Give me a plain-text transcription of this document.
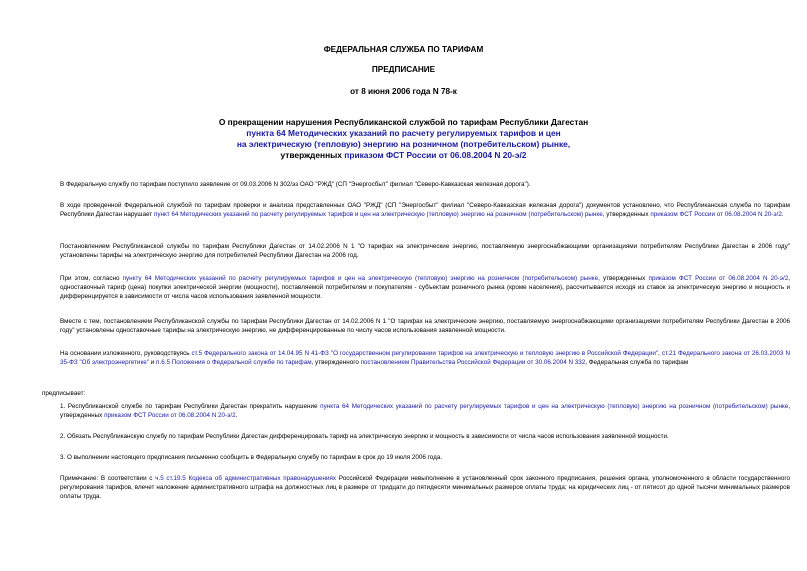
ФЕДЕРАЛЬНАЯ СЛУЖБА ПО ТАРИФАМ
ПРЕДПИСАНИЕ
от 8 июня 2006 года N 78-к
О прекращении нарушения Республиканской службой по тарифам Республики Дагестан
пункта 64 Методических указаний по расчету регулируемых тарифов и цен
на электрическую (тепловую) энергию на розничном (потребительском) рынке,
утвержденных приказом ФСТ России от 06.08.2004 N 20-э/2
В Федеральную службу по тарифам поступило заявление от 09.03.2006 N 302/эз ОАО "РЖД" (СП "Энергосбыт" филиал "Северо-Кавказская железная дорога").
В ходе проведенной Федеральной службой по тарифам проверки и анализа представленных ОАО "РЖД" (СП "Энергосбыт" филиал "Северо-Кавказская железная дорога") документов установлено, что Республиканская служба по тарифам Республики Дагестан нарушает пункт 64 Методических указаний по расчету регулируемых тарифов и цен на электрическую (тепловую) энергию на розничном (потребительском) рынке, утвержденных приказом ФСТ России от 06.08.2004 N 20-э/2.
Постановлением Республиканской службы по тарифам Республики Дагестан от 14.02.2006 N 1 "О тарифах на электрические энергию, поставляемую энергоснабжающими организациями потребителям Республики Дагестан в 2006 году" установлены тарифы на электрическую энергию для потребителей Республики Дагестан на 2006 год.
При этом, согласно пункту 64 Методических указаний по расчету регулируемых тарифов и цен на электрическую (тепловую) энергию на розничном (потребительском) рынке, утвержденных приказом ФСТ России от 06.08.2004 N 20-э/2, одноставочный тариф (цена) покупки электрической энергии (мощности), поставляемой потребителям и покупателям - субъектам розничного рынка (кроме населения), рассчитывается исходя из ставок за электрическую энергию и мощность и дифференцируется в зависимости от числа часов использования заявленной мощности.
Вместе с тем, постановлением Республиканской службы по тарифам Республики Дагестан от 14.02.2006 N 1 "О тарифах на электрические энергию, поставляемую энергоснабжающими организациями потребителям Республики Дагестан в 2006 году" установлены одноставочные тарифы на электрическую энергию, не дифференцированные по числу часов использования заявленной мощности.
На основании изложенного, руководствуясь ст.5 Федерального закона от 14.04.95 N 41-ФЗ "О государственном регулировании тарифов на электрическую и тепловую энергию в Российской Федерации", ст.21 Федерального закона от 26.03.2003 N 35-ФЗ "Об электроэнергетике" и п.6.5 Положения о Федеральной службе по тарифам, утвержденного постановлением Правительства Российской Федерации от 30.06.2004 N 332, Федеральная служба по тарифам
предписывает:
1. Республиканской службе по тарифам Республики Дагестан прекратить нарушение пункта 64 Методических указаний по расчету регулируемых тарифов и цен на электрическую (тепловую) энергию на розничном (потребительском) рынке, утвержденных приказом ФСТ России от 06.08.2004 N 20-э/2.
2. Обязать Республиканскую службу по тарифам Республики Дагестан дифференцировать тариф на электрическую энергию и мощность в зависимости от числа часов использования заявленной мощности.
3. О выполнении настоящего предписания письменно сообщить в Федеральную службу по тарифам в срок до 19 июля 2006 года.
Примечание: В соответствии с ч.5 ст.19.5 Кодекса об административных правонарушениях Российской Федерации невыполнение в установленный срок законного предписания, решения органа, уполномоченного в области государственного регулирования тарифов, влечет наложение административного штрафа на должностных лиц в размере от тридцати до пятидесяти минимальных размеров оплаты труда; на юридических лиц - от пятисот до одной тысячи минимальных размеров оплаты труда.
